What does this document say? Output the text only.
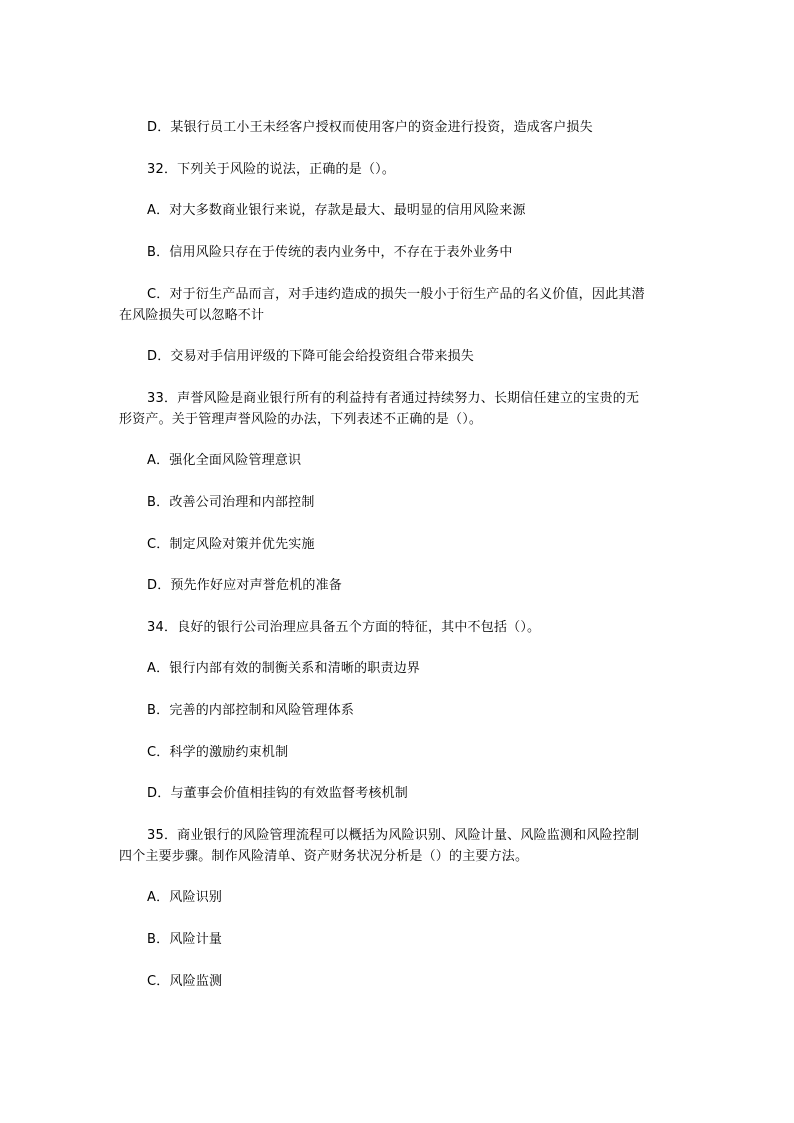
D．某银行员工小王未经客户授权而使用客户的资金进行投资，造成客户损失
32．下列关于风险的说法，正确的是（）。
A．对大多数商业银行来说，存款是最大、最明显的信用风险来源
B．信用风险只存在于传统的表内业务中，不存在于表外业务中
C．对于衍生产品而言，对手违约造成的损失一般小于衍生产品的名义价值，因此其潜
在风险损失可以忽略不计
D．交易对手信用评级的下降可能会给投资组合带来损失
33．声誉风险是商业银行所有的利益持有者通过持续努力、长期信任建立的宝贵的无
形资产。关于管理声誉风险的办法，下列表述不正确的是（）。
A．强化全面风险管理意识
B．改善公司治理和内部控制
C．制定风险对策并优先实施
D．预先作好应对声誉危机的准备
34．良好的银行公司治理应具备五个方面的特征，其中不包括（）。
A．银行内部有效的制衡关系和清晰的职责边界
B．完善的内部控制和风险管理体系
C．科学的激励约束机制
D．与董事会价值相挂钩的有效监督考核机制
35．商业银行的风险管理流程可以概括为风险识别、风险计量、风险监测和风险控制
四个主要步骤。制作风险清单、资产财务状况分析是（）的主要方法。
A．风险识别
B．风险计量
C．风险监测
